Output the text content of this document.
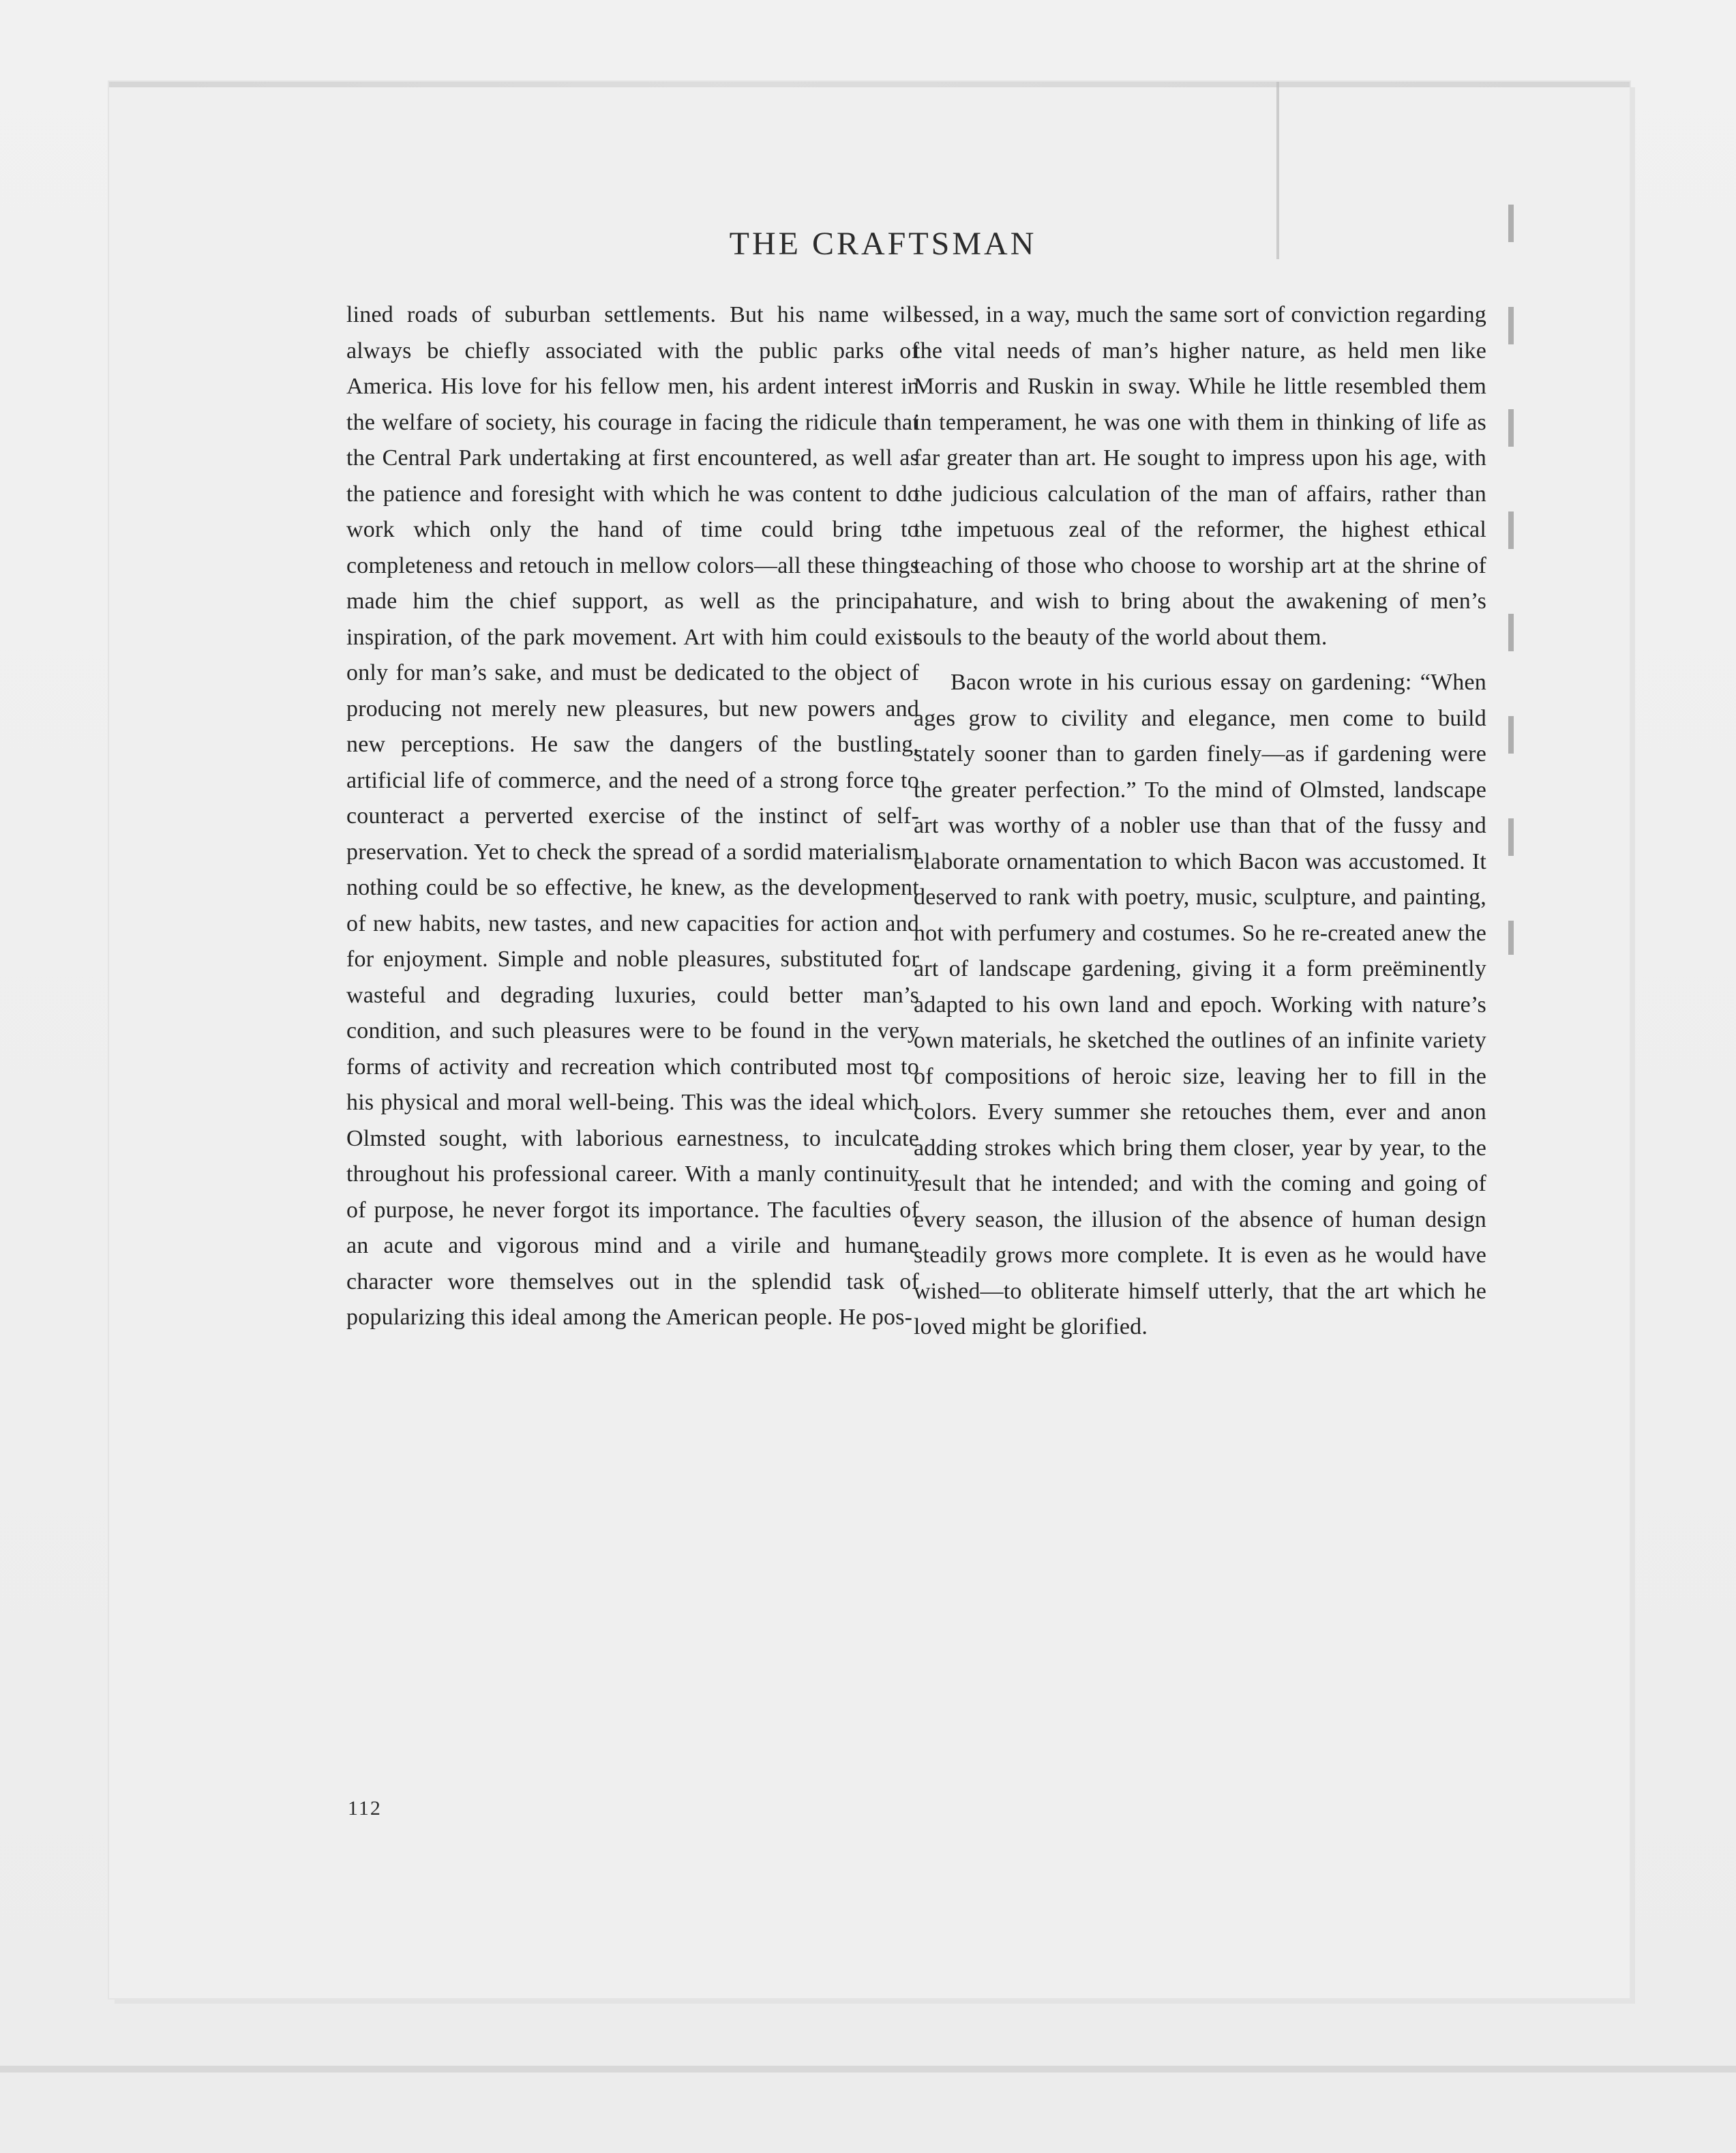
THE CRAFTSMAN

lined roads of suburban settlements. But his name will always be chiefly associated with the public parks of America. His love for his fellow men, his ardent interest in the welfare of society, his courage in facing the ridicule that the Central Park undertaking at first encountered, as well as the patience and foresight with which he was content to do work which only the hand of time could bring to completeness and retouch in mellow colors—all these things made him the chief support, as well as the principal inspiration, of the park movement. Art with him could exist only for man’s sake, and must be dedicated to the object of producing not merely new pleasures, but new powers and new perceptions. He saw the dangers of the bustling, artificial life of commerce, and the need of a strong force to counteract a perverted exercise of the instinct of self-preservation. Yet to check the spread of a sordid materialism nothing could be so effective, he knew, as the development of new habits, new tastes, and new capacities for action and for enjoyment. Simple and noble pleasures, substituted for wasteful and degrading luxuries, could better man’s condition, and such pleasures were to be found in the very forms of activity and recreation which contributed most to his physical and moral well-being. This was the ideal which Olmsted sought, with laborious earnestness, to inculcate throughout his professional career. With a manly continuity of purpose, he never forgot its importance. The faculties of an acute and vigorous mind and a virile and humane character wore themselves out in the splendid task of popularizing this ideal among the American people. He pos-

sessed, in a way, much the same sort of conviction regarding the vital needs of man’s higher nature, as held men like Morris and Ruskin in sway. While he little resembled them in temperament, he was one with them in thinking of life as far greater than art. He sought to impress upon his age, with the judicious calculation of the man of affairs, rather than the impetuous zeal of the reformer, the highest ethical teaching of those who choose to worship art at the shrine of nature, and wish to bring about the awakening of men’s souls to the beauty of the world about them.

Bacon wrote in his curious essay on gardening: “When ages grow to civility and elegance, men come to build stately sooner than to garden finely—as if gardening were the greater perfection.” To the mind of Olmsted, landscape art was worthy of a nobler use than that of the fussy and elaborate ornamentation to which Bacon was accustomed. It deserved to rank with poetry, music, sculpture, and painting, not with perfumery and costumes. So he re-created anew the art of landscape gardening, giving it a form preëminently adapted to his own land and epoch. Working with nature’s own materials, he sketched the outlines of an infinite variety of compositions of heroic size, leaving her to fill in the colors. Every summer she retouches them, ever and anon adding strokes which bring them closer, year by year, to the result that he intended; and with the coming and going of every season, the illusion of the absence of human design steadily grows more complete. It is even as he would have wished—to obliterate himself utterly, that the art which he loved might be glorified.

112
